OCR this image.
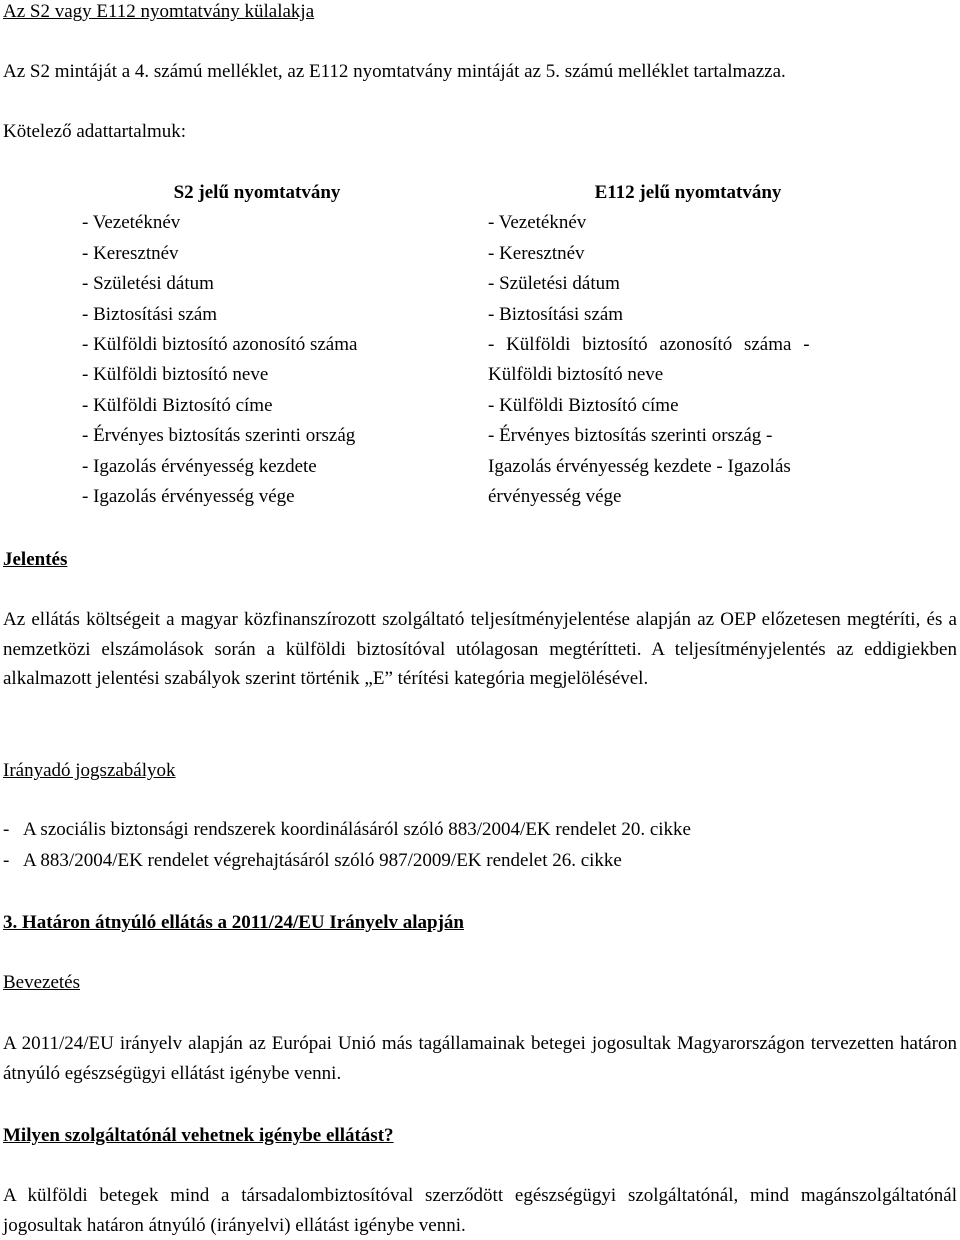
Az S2 vagy E112 nyomtatvány külalakja
Az S2 mintáját a 4. számú melléklet, az E112 nyomtatvány mintáját az 5. számú melléklet tartalmazza.
Kötelező adattartalmuk:
S2 jelű nyomtatvány
- Vezetéknév
- Keresztnév
- Születési dátum
- Biztosítási szám
- Külföldi biztosító azonosító száma
- Külföldi biztosító neve
- Külföldi Biztosító címe
- Érvényes biztosítás szerinti ország
- Igazolás érvényesség kezdete
- Igazolás érvényesség vége
E112 jelű nyomtatvány
- Vezetéknév
- Keresztnév
- Születési dátum
- Biztosítási szám
- Külföldi biztosító azonosító száma -
Külföldi biztosító neve
- Külföldi Biztosító címe
- Érvényes biztosítás szerinti ország -
Igazolás érvényesség kezdete - Igazolás
érvényesség vége
Jelentés
Az ellátás költségeit a magyar közfinanszírozott szolgáltató teljesítményjelentése alapján az OEP előzetesen megtéríti, és a nemzetközi elszámolások során a külföldi biztosítóval utólagosan megtérítteti. A teljesítményjelentés az eddigiekben alkalmazott jelentési szabályok szerint történik „E” térítési kategória megjelölésével.
Irányadó jogszabályok
- A szociális biztonsági rendszerek koordinálásáról szóló 883/2004/EK rendelet 20. cikke
- A 883/2004/EK rendelet végrehajtásáról szóló 987/2009/EK rendelet 26. cikke
3. Határon átnyúló ellátás a 2011/24/EU Irányelv alapján
Bevezetés
A 2011/24/EU irányelv alapján az Európai Unió más tagállamainak betegei jogosultak Magyarországon tervezetten határon átnyúló egészségügyi ellátást igénybe venni.
Milyen szolgáltatónál vehetnek igénybe ellátást?
A külföldi betegek mind a társadalombiztosítóval szerződött egészségügyi szolgáltatónál, mind magánszolgáltatónál jogosultak határon átnyúló (irányelvi) ellátást igénybe venni.
